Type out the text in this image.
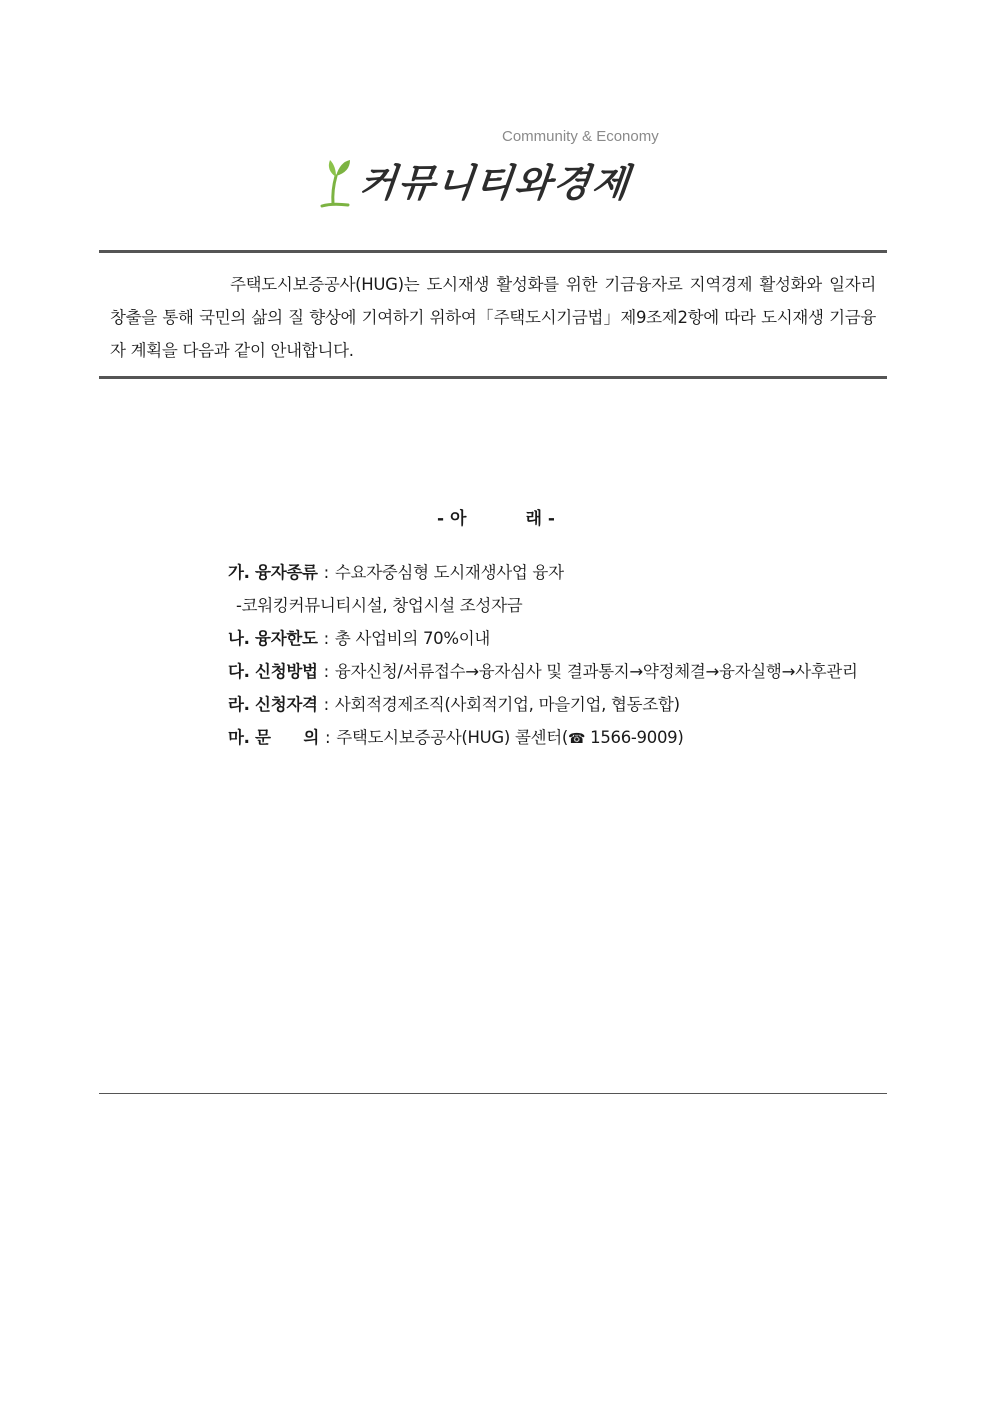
Community & Economy
커뮤니티와경제

주택도시보증공사(HUG)는 도시재생 활성화를 위한 기금융자로 지역경제 활성화와 일자리 창출을 통해 국민의 삶의 질 향상에 기여하기 위하여「주택도시기금법」제9조제2항에 따라 도시재생 기금융자 계획을 다음과 같이 안내합니다.

- 아          래 -
가. 융자종류 : 수요자중심형 도시재생사업 융자
-코워킹커뮤니티시설, 창업시설 조성자금
나. 융자한도 : 총 사업비의 70%이내
다. 신청방법 : 융자신청/서류접수→융자심사 및 결과통지→약정체결→융자실행→사후관리
라. 신청자격 : 사회적경제조직(사회적기업, 마을기업, 협동조합)
마. 문      의 : 주택도시보증공사(HUG) 콜센터(☎ 1566-9009)
